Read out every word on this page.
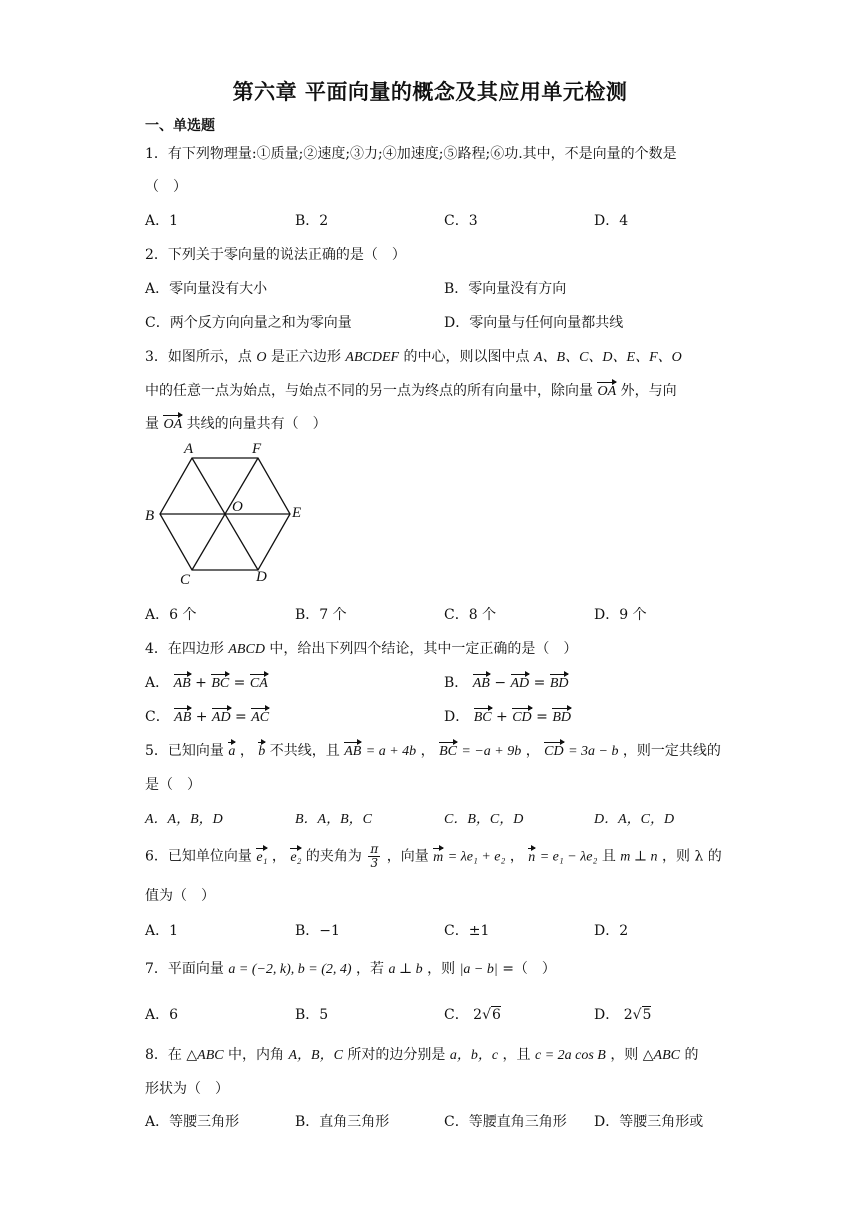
第六章 平面向量的概念及其应用单元检测
一、单选题
1．有下列物理量:①质量;②速度;③力;④加速度;⑤路程;⑥功.其中，不是向量的个数是
（　）
A．1	B．2	C．3	D．4
2．下列关于零向量的说法正确的是（　）
A．零向量没有大小	B．零向量没有方向
C．两个反方向向量之和为零向量	D．零向量与任何向量都共线
3．如图所示，点 O 是正六边形 ABCDEF 的中心，则以图中点 A、B、C、D、E、F、O
中的任意一点为始点，与始点不同的另一点为终点的所有向量中，除向量 OA 外，与向
量 OA 共线的向量共有（　）
A	F
B
O	E
C	D
A．6 个	B．7 个	C．8 个	D．9 个
4．在四边形 ABCD 中，给出下列四个结论，其中一定正确的是（　）
A． AB + BC = CA	B． AB − AD = BD
C． AB + AD = AC	D． BC + CD = BD
5．已知向量 a ， b 不共线，且 AB = a + 4b ， BC = −a + 9b ， CD = 3a − b ，则一定共线的
是（　）
A．A，B，D	B．A，B，C	C．B，C，D	D．A，C，D
6．已知单位向量 e₁ ， e₂ 的夹角为 $\frac{\pi}{3}$ ，向量 m = λe₁ + e₂ ， n = e₁ − λe₂ 且 m ⊥ n ，则 λ 的
值为（　）
A．1	B．−1	C．±1	D．2
7．平面向量 a = (−2, k), b = (2, 4) ，若 a ⊥ b ，则 |a − b| =（　）
A．6	B．5	C． 2√6	D． 2√5
8．在 △ABC 中，内角 A，B，C 所对的边分别是 a，b，c ，且 c = 2a cos B ，则 △ABC 的
形状为（　）
A．等腰三角形	B．直角三角形	C．等腰直角三角形 D．等腰三角形或
